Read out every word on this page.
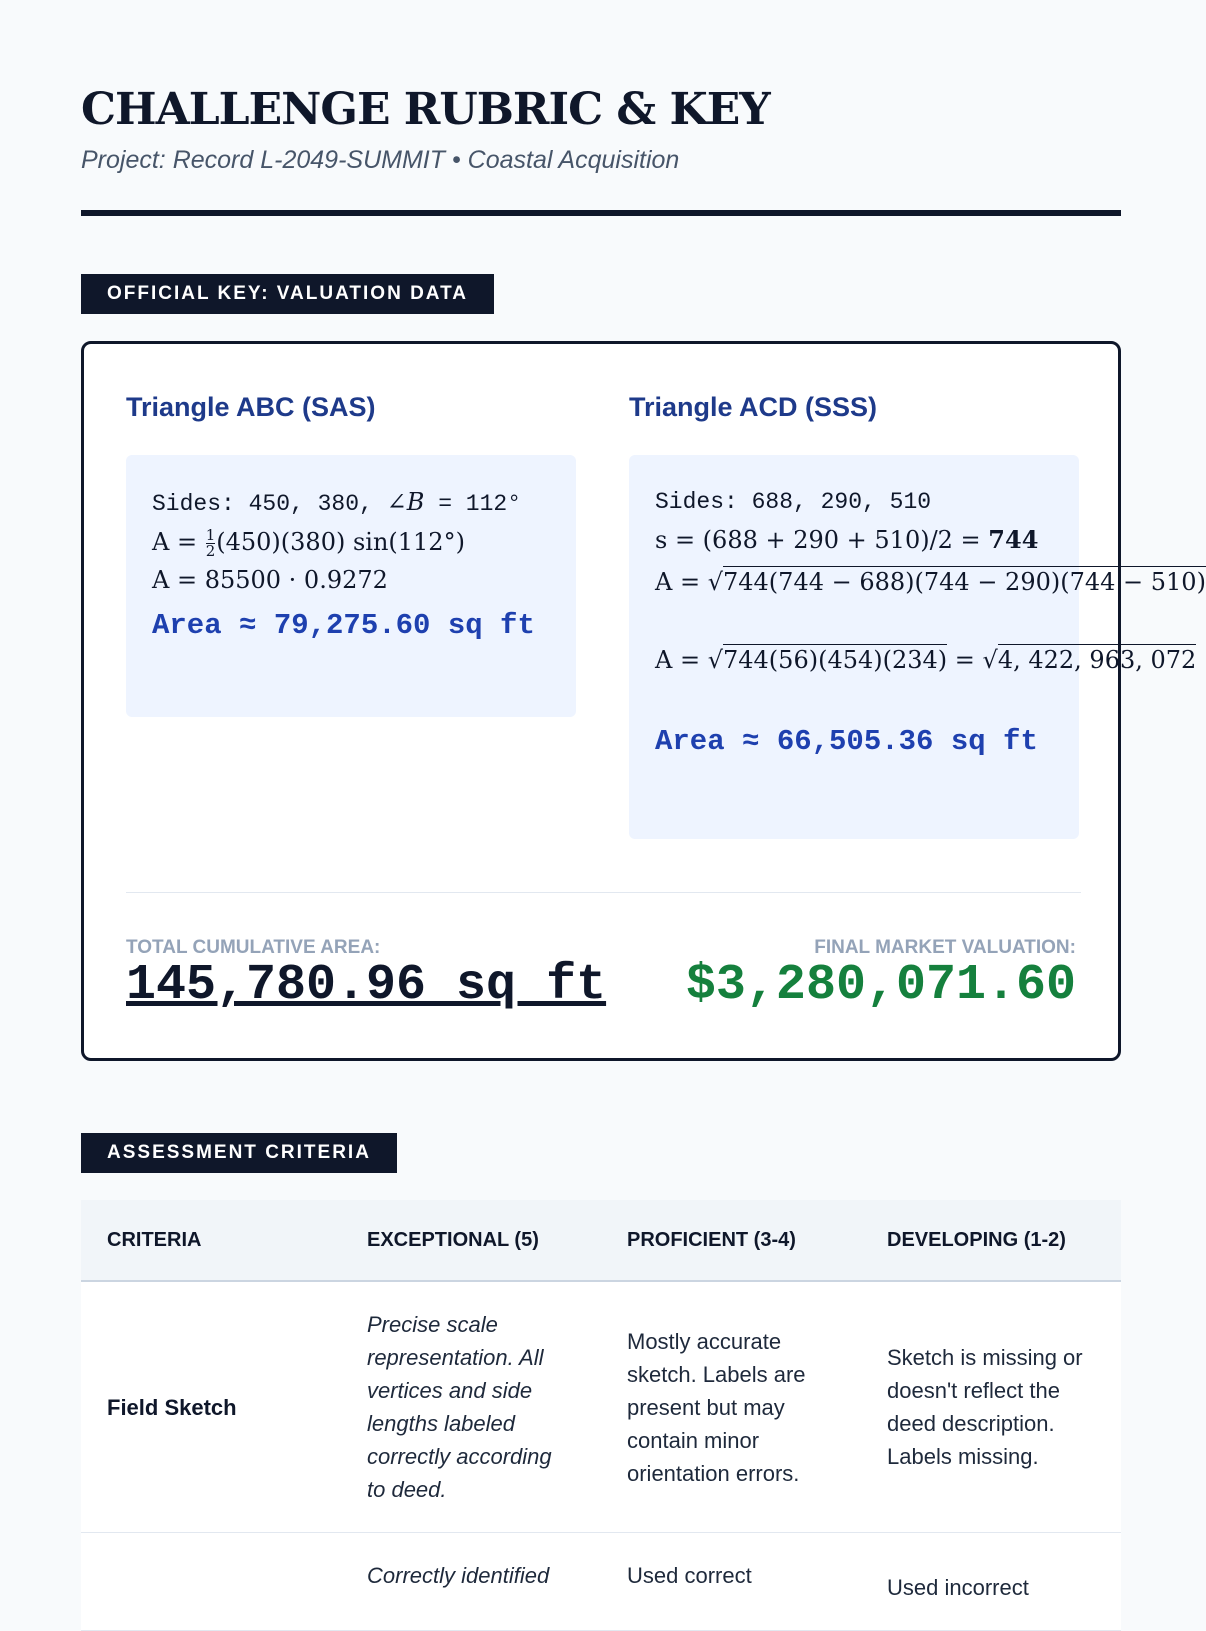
CHALLENGE RUBRIC & KEY
Project: Record L-2049-SUMMIT • Coastal Acquisition
OFFICIAL KEY: VALUATION DATA
Triangle ABC (SAS)
Sides: 450, 380, ∠B = 112°
$A = \frac{1}{2} (450)(380)$ sin(112°)
A = 85500 · 0.9272
Area ≈ 79,275.60 sq ft
Triangle ACD (SSS)
Sides: 688, 290, 510
s = (688 + 290 + 510)/2 = 744
A = √744(744 − 688)(744 − 290)(744 − 510)
A = √744(56)(454)(234) = √4, 422, 963, 072
Area ≈ 66,505.36 sq ft
TOTAL CUMULATIVE AREA:
145,780.96 sq ft
FINAL MARKET VALUATION:
$3,280,071.60
ASSESSMENT CRITERIA
CRITERIA	EXCEPTIONAL (5)	PROFICIENT (3-4)	DEVELOPING (1-2)
Field Sketch	Precise scale representation. All vertices and side lengths labeled correctly according to deed.	Mostly accurate sketch. Labels are present but may contain minor orientation errors.	Sketch is missing or doesn't reflect the deed description. Labels missing.
	Correctly identified	Used correct	Used incorrect
